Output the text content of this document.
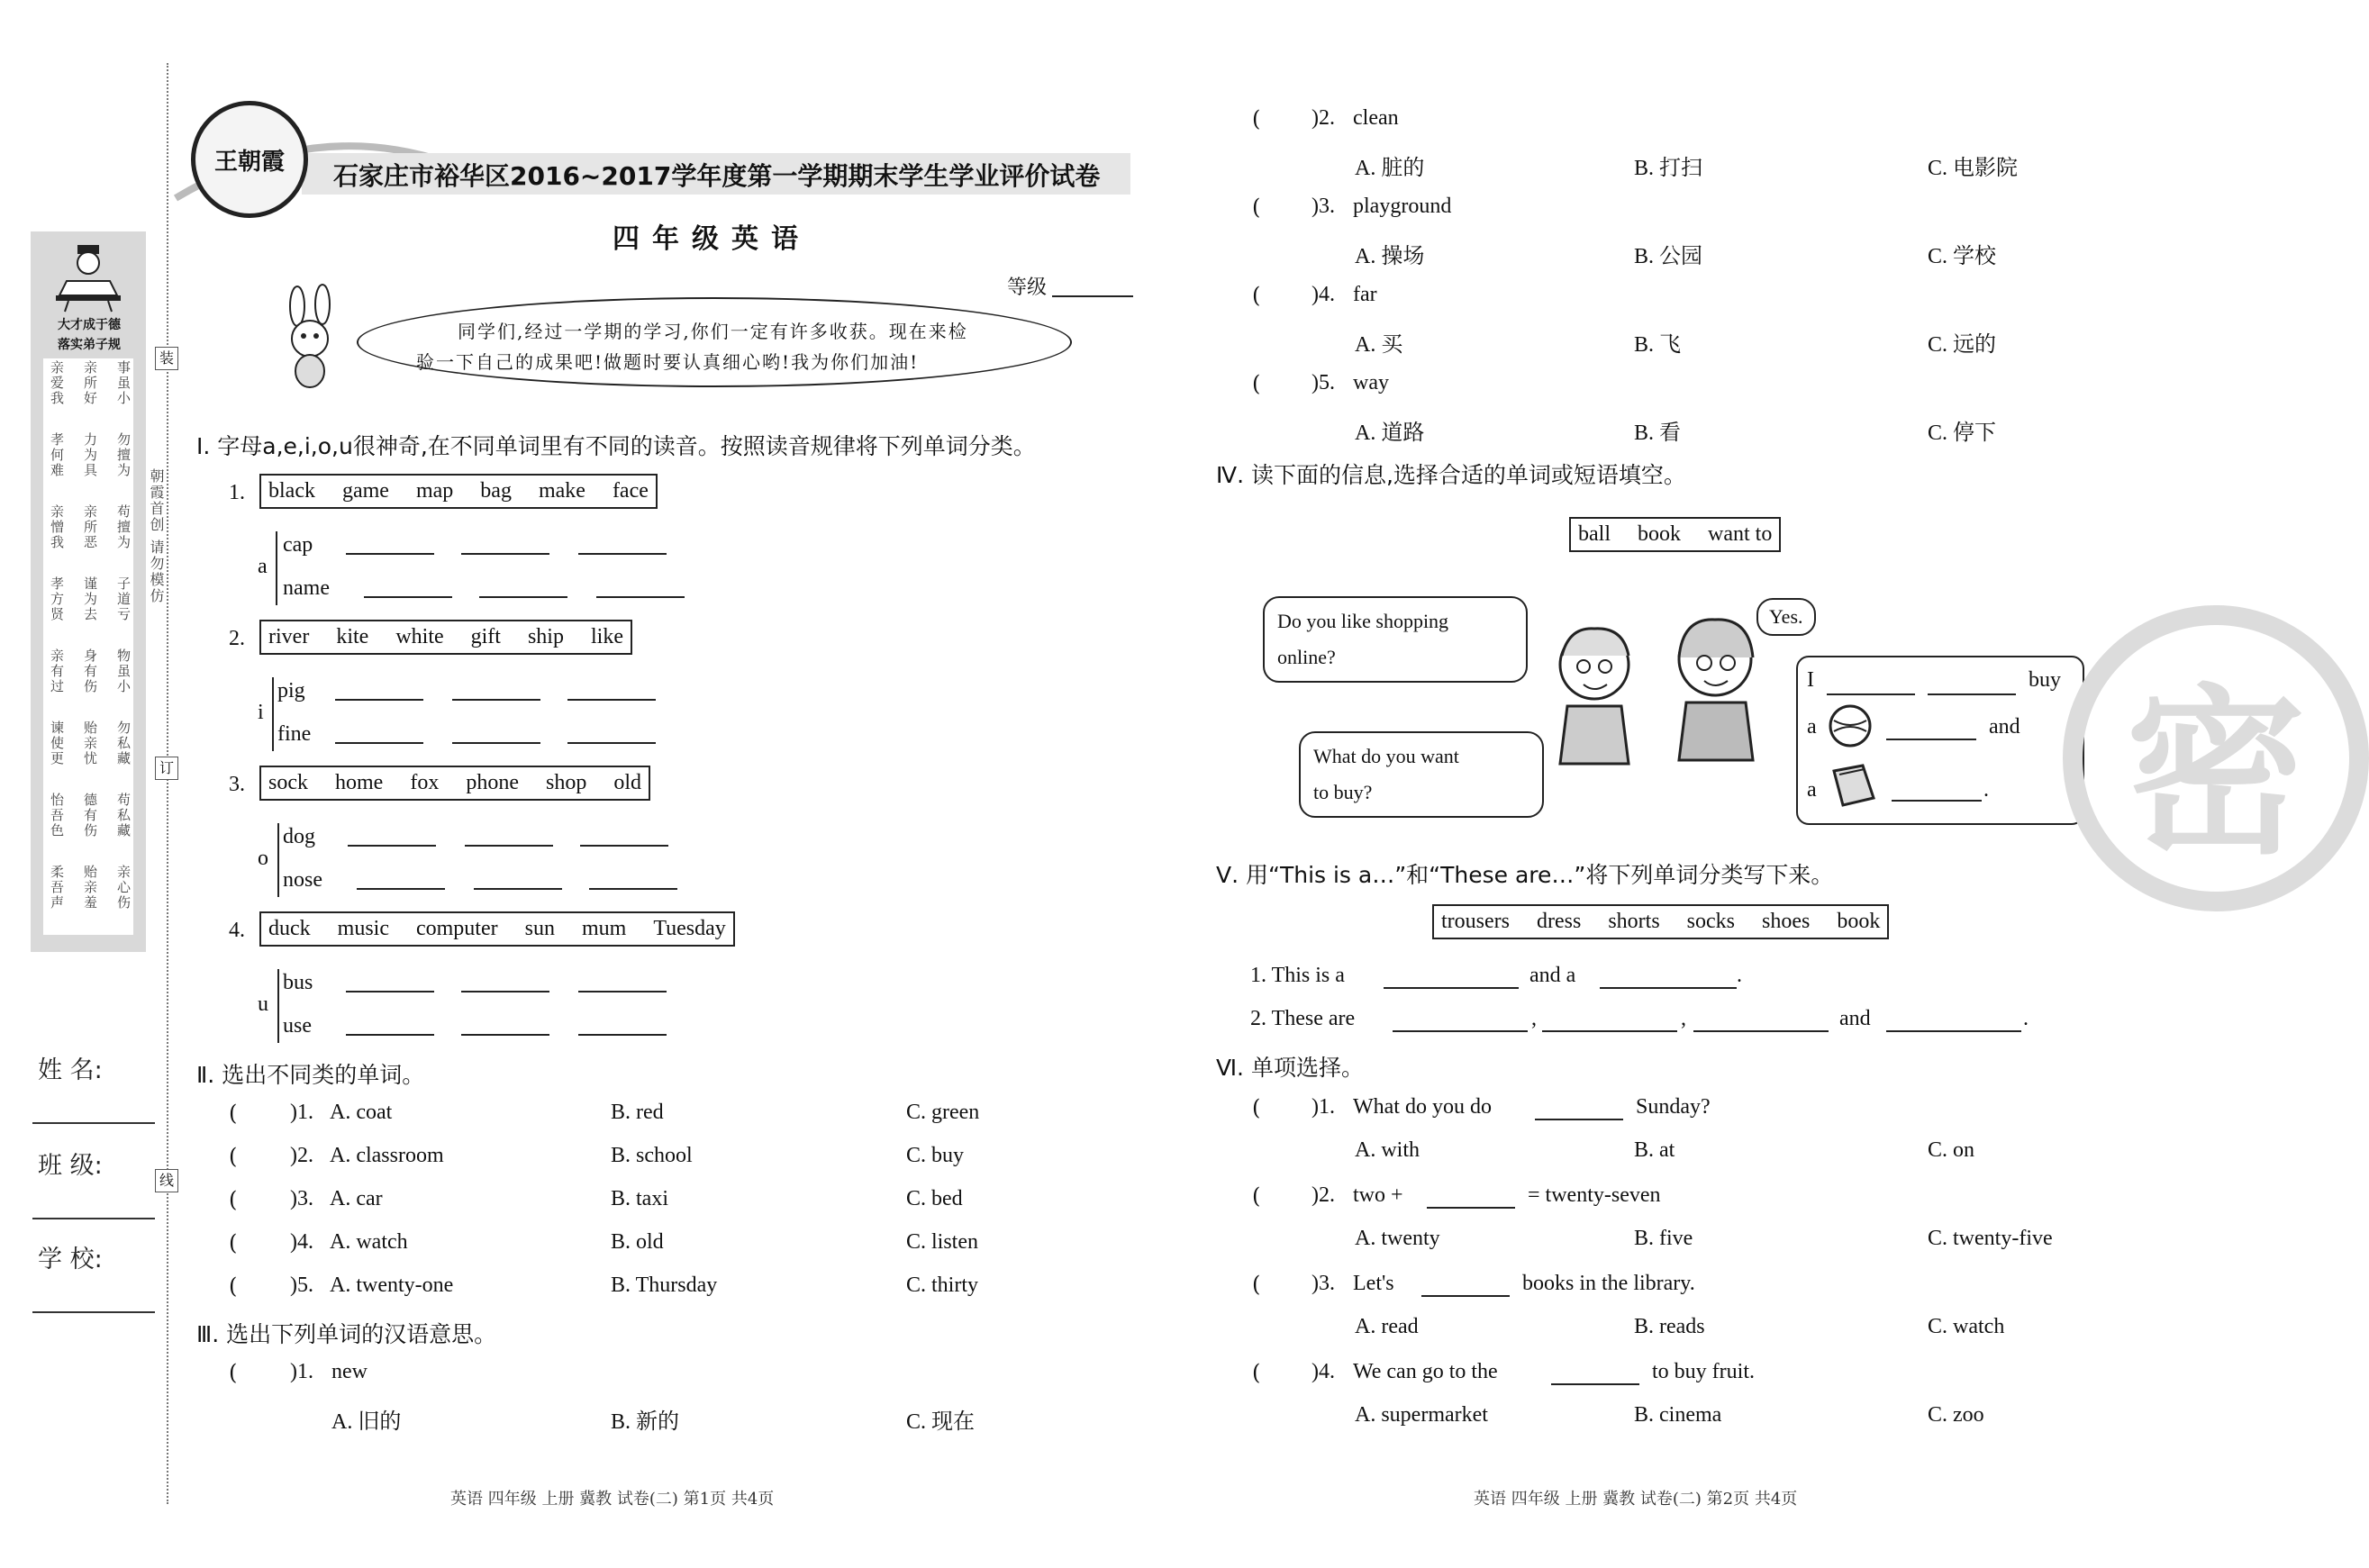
大才成于德
落实弟子规
亲爱我 亲所好 事虽小
孝何难 力为具 勿擅为
亲憎我 亲所恶 苟擅为
孝方贤 谨为去 子道亏
亲有过 身有伤 物虽小
谏使更 贻亲忧 勿私藏
怡吾色 德有伤 苟私藏
柔吾声 贻亲羞 亲心伤
装
订
线
朝霞首创 请勿模仿
姓 名:
班 级:
学 校:
王朝霞 石家庄市裕华区2016~2017学年度第一学期期末学生学业评价试卷
四年级英语
等级
同学们,经过一学期的学习,你们一定有许多收获。现在来检
验一下自己的成果吧!做题时要认真细心哟!我为你们加油!
Ⅰ. 字母a,e,i,o,u很神奇,在不同单词里有不同的读音。按照读音规律将下列单词分类。
1.	black game map bag make face
a
cap
name
2.	river kite white gift ship like
i
pig
fine
3.	sock home fox phone shop old
o
dog
nose
4.	duck music computer sun mum Tuesday
u
bus
use
Ⅱ. 选出不同类的单词。
( )1. A. coat	B. red	C. green
( )2. A. classroom	B. school	C. buy
( )3. A. car	B. taxi	C. bed
( )4. A. watch	B. old	C. listen
( )5. A. twenty-one	B. Thursday	C. thirty
Ⅲ. 选出下列单词的汉语意思。
( )1. new
A. 旧的	B. 新的	C. 现在
英语 四年级 上册 冀教 试卷(二) 第1页 共4页
( )2. clean
A. 脏的	B. 打扫	C. 电影院
( )3. playground
A. 操场	B. 公园	C. 学校
( )4. far
A. 买	B. 飞	C. 远的
( )5. way
A. 道路	B. 看	C. 停下
Ⅳ. 读下面的信息,选择合适的单词或短语填空。
ball book want to
Do you like shopping
online?
Yes.
What do you want
to buy?
I	buy
a	and
a	.
Ⅴ. 用“This is a…”和“These are…”将下列单词分类写下来。
trousers dress shorts socks shoes book
1. This is a	and a	.
2. These are	,	,	and	.
Ⅵ. 单项选择。
( )1. What do you do	Sunday?
A. with	B. at	C. on
( )2. two +	= twenty-seven
A. twenty	B. five	C. twenty-five
( )3. Let's	books in the library.
A. read	B. reads	C. watch
( )4. We can go to the	to buy fruit.
A. supermarket	B. cinema	C. zoo
英语 四年级 上册 冀教 试卷(二) 第2页 共4页
密
